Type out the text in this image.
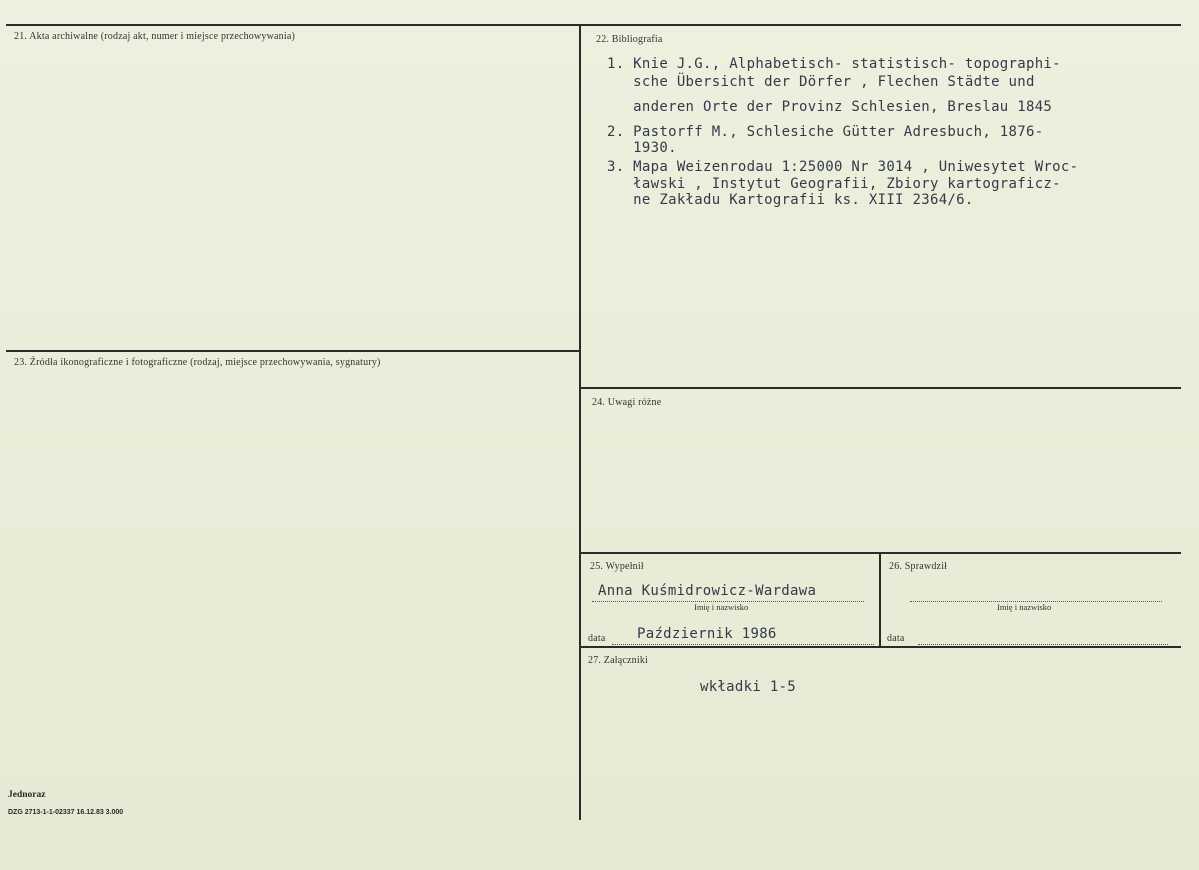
21. Akta archiwalne (rodzaj akt, numer i miejsce przechowywania)	22. Bibliografia
1. Knie J.G., Alphabetisch- statistisch- topographi-
sche Übersicht der Dörfer , Flechen Städte und
anderen Orte der Provinz Schlesien, Breslau 1845
2. Pastorff M., Schlesiche Gütter Adresbuch, 1876-
1930.
3. Mapa Weizenrodau 1:25000 Nr 3014 , Uniwesytet Wroc-
ławski , Instytut Geografii, Zbiory kartograficz-
ne Zakładu Kartografii ks. XIII 2364/6.
23. Źródła ikonograficzne i fotograficzne (rodzaj, miejsce przechowywania, sygnatury)
24. Uwagi różne
25. Wypełnił
Anna Kuśmidrowicz-Wardawa
Imię i nazwisko
data Październik 1986
26. Sprawdził
Imię i nazwisko
data
27. Załączniki
wkładki 1-5
Jednoraz
DZG 2713-1-1-02337 16.12.83 3.000
